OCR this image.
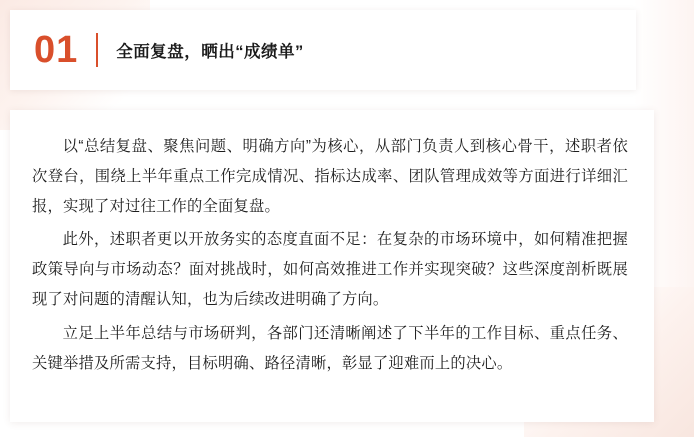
01	全面复盘，晒出“成绩单”

以“总结复盘、聚焦问题、明确方向”为核心，从部门负责人到核心骨干，述职者依次登台，围绕上半年重点工作完成情况、指标达成率、团队管理成效等方面进行详细汇报，实现了对过往工作的全面复盘。

此外，述职者更以开放务实的态度直面不足：在复杂的市场环境中，如何精准把握政策导向与市场动态？面对挑战时，如何高效推进工作并实现突破？这些深度剖析既展现了对问题的清醒认知，也为后续改进明确了方向。

立足上半年总结与市场研判，各部门还清晰阐述了下半年的工作目标、重点任务、关键举措及所需支持，目标明确、路径清晰，彰显了迎难而上的决心。
